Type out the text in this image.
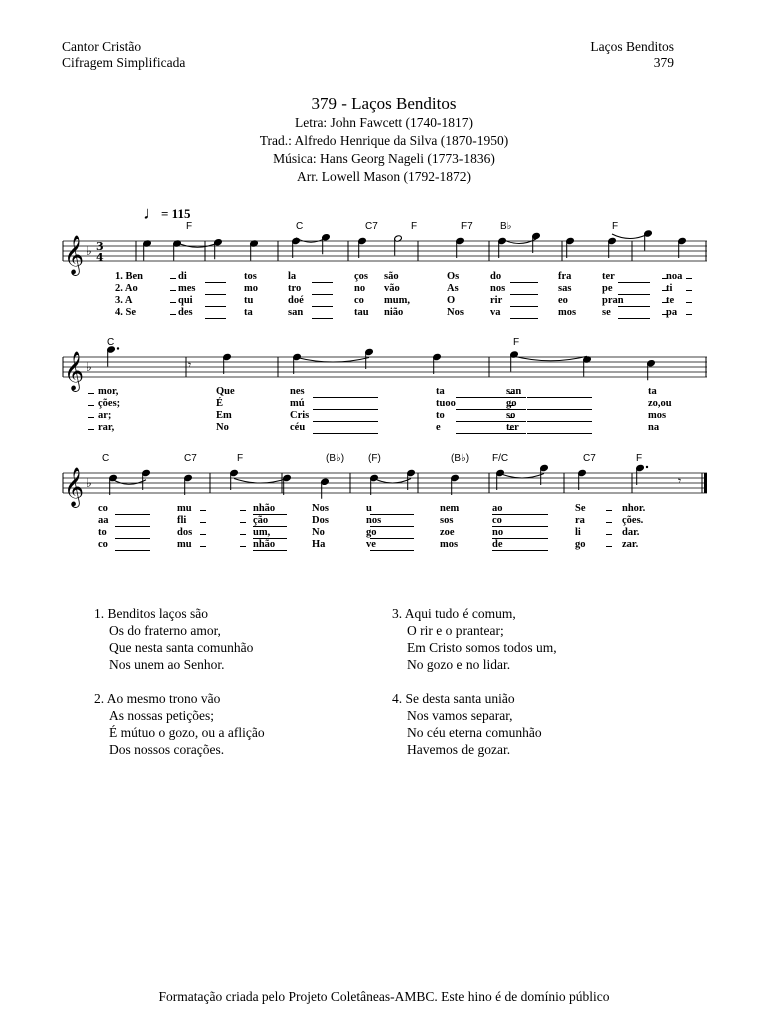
Cantor Cristão
Cifragem Simplificada
Laços Benditos
379
379 - Laços Benditos
Letra: John Fawcett (1740-1817)
Trad.: Alfredo Henrique da Silva (1870-1950)
Música: Hans Georg Nageli (1773-1836)
Arr. Lowell Mason (1792-1872)
♩= 115
𝄞 ♭ 3
4
𝄞 ♭	𝄾
𝄞 ♭	𝄾
F	C	C7	F	F7	B♭	F
C	F
C	C7	F	(B♭) (F)	(B♭) F/C	C7	F
1. Ben	di	tos	la	ços são	Os	do	fra	ter	noa
2. Ao	mes	mo	tro	no vão	As	nos	sas	pe	ti
3. A	qui	tu	doé	co mum,	O	rir	eo	pran	te
4. Se	des	ta	san	tau nião	Nos va	mos se	pa
mor,	Que	nes	ta	san	ta
ções;	É	mú	tuoo	go	zo,ou
ar;	Em	Cris	to	so	mos
rar,	No	céu	e	ter	na
co	mu	nhão	Nos	u	nem	ao	Se	nhor.
aa	fli	ção	Dos	nos	sos	co	ra	ções.
to	dos	um,	No	go	zoe	no	li	dar.
co	mu	nhão	Ha	ve	mos	de	go	zar.
1. Benditos laços são
Os do fraterno amor,
Que nesta santa comunhão
Nos unem ao Senhor.
2. Ao mesmo trono vão
As nossas petições;
É mútuo o gozo, ou a aflição
Dos nossos corações.
3. Aqui tudo é comum,
O rir e o prantear;
Em Cristo somos todos um,
No gozo e no lidar.
4. Se desta santa união
Nos vamos separar,
No céu eterna comunhão
Havemos de gozar.
Formatação criada pelo Projeto Coletâneas-AMBC. Este hino é de domínio público
